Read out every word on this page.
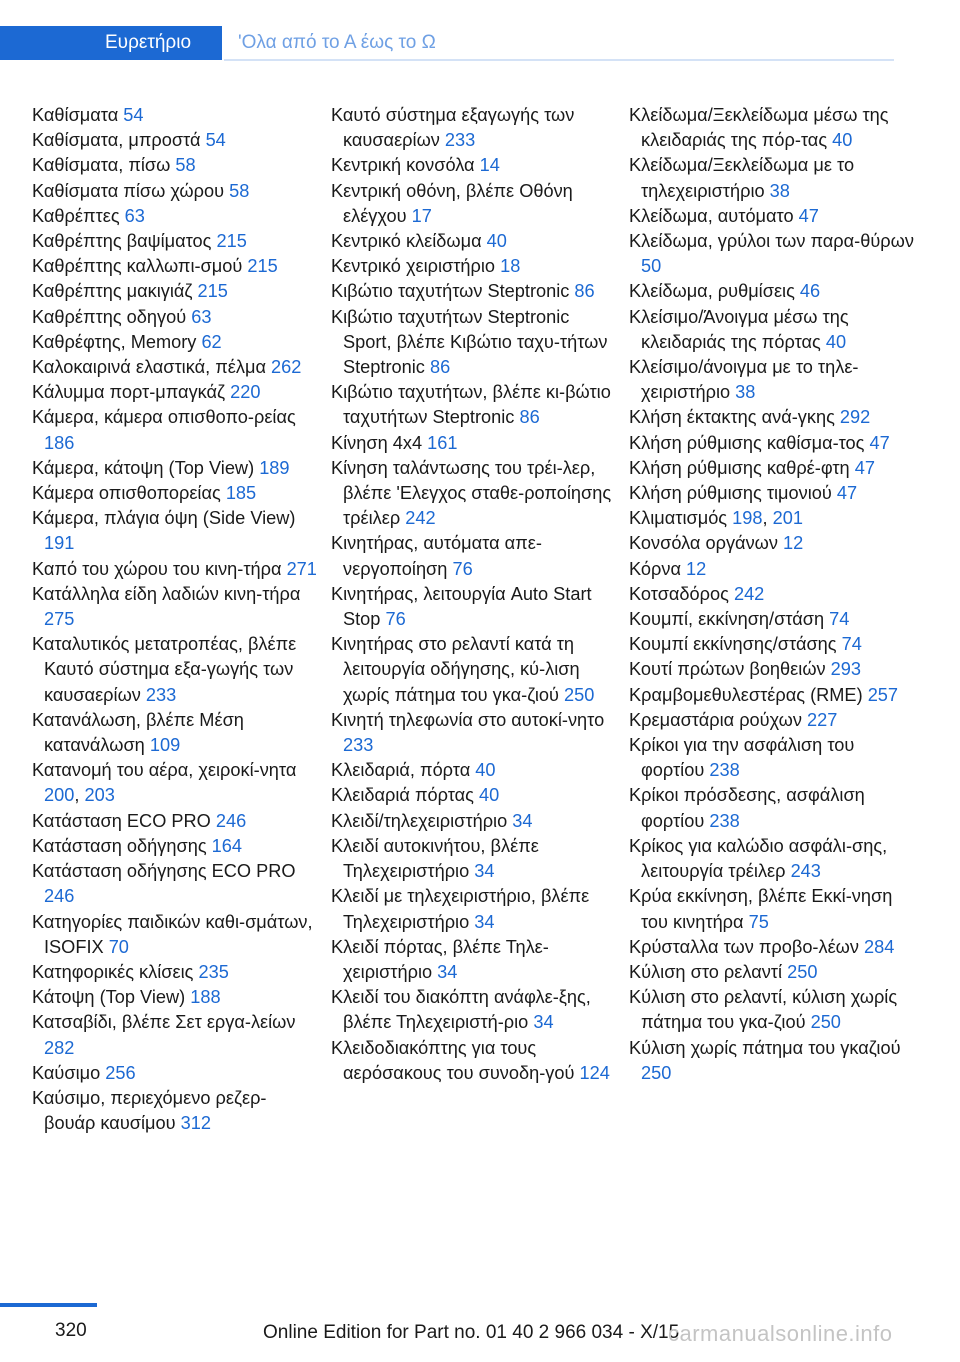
Ευρετήριο	'Ολα από το Α έως το Ω
Καθίσματα 54
Καθίσματα, μπροστά 54
Καθίσματα, πίσω 58
Καθίσματα πίσω χώρου 58
Καθρέπτες 63
Καθρέπτης βαψίματος 215
Καθρέπτης καλλωπι‐σμού 215
Καθρέπτης μακιγιάζ 215
Καθρέπτης οδηγού 63
Καθρέφτης, Memory 62
Καλοκαιρινά ελαστικά, πέλμα 262
Κάλυμμα πορτ-μπαγκάζ 220
Κάμερα, κάμερα οπισθοπο‐ρείας 186
Κάμερα, κάτοψη (Top View) 189
Κάμερα οπισθοπορείας 185
Κάμερα, πλάγια όψη (Side View) 191
Καπό του χώρου του κινη‐τήρα 271
Κατάλληλα είδη λαδιών κινη‐τήρα 275
Καταλυτικός μετατροπέας, βλέπε Καυτό σύστημα εξα‐γωγής των καυσαερίων 233
Κατανάλωση, βλέπε Μέση κατανάλωση 109
Κατανομή του αέρα, χειροκί‐νητα 200, 203
Κατάσταση ECO PRO 246
Κατάσταση οδήγησης 164
Κατάσταση οδήγησης ECO PRO 246
Κατηγορίες παιδικών καθι‐σμάτων, ISOFIX 70
Κατηφορικές κλίσεις 235
Κάτοψη (Top View) 188
Κατσαβίδι, βλέπε Σετ εργα‐λείων 282
Καύσιμο 256
Καύσιμο, περιεχόμενο ρεζερ‐βουάρ καυσίμου 312
Καυτό σύστημα εξαγωγής των καυσαερίων 233
Κεντρική κονσόλα 14
Κεντρική οθόνη, βλέπε Οθόνη ελέγχου 17
Κεντρικό κλείδωμα 40
Κεντρικό χειριστήριο 18
Κιβώτιο ταχυτήτων Steptronic 86
Κιβώτιο ταχυτήτων Steptronic Sport, βλέπε Κιβώτιο ταχυ‐τήτων Steptronic 86
Κιβώτιο ταχυτήτων, βλέπε κι‐βώτιο ταχυτήτων Steptronic 86
Κίνηση 4x4 161
Κίνηση ταλάντωσης του τρέι‐λερ, βλέπε 'Ελεγχος σταθε‐ροποίησης τρέιλερ 242
Κινητήρας, αυτόματα απε‐νεργοποίηση 76
Κινητήρας, λειτουργία Auto Start Stop 76
Κινητήρας στο ρελαντί κατά τη λειτουργία οδήγησης, κύ‐λιση χωρίς πάτημα του γκα‐ζιού 250
Κινητή τηλεφωνία στο αυτοκί‐νητο 233
Κλειδαριά, πόρτα 40
Κλειδαριά πόρτας 40
Κλειδί/τηλεχειριστήριο 34
Κλειδί αυτοκινήτου, βλέπε Τηλεχειριστήριο 34
Κλειδί με τηλεχειριστήριο, βλέπε Τηλεχειριστήριο 34
Κλειδί πόρτας, βλέπε Τηλε‐χειριστήριο 34
Κλειδί του διακόπτη ανάφλε‐ξης, βλέπε Τηλεχειριστή‐ριο 34
Κλειδοδιακόπτης για τους αερόσακους του συνοδη‐γού 124
Κλείδωμα/Ξεκλείδωμα μέσω της κλειδαριάς της πόρ‐τας 40
Κλείδωμα/Ξεκλείδωμα με το τηλεχειριστήριο 38
Κλείδωμα, αυτόματο 47
Κλείδωμα, γρύλοι των παρα‐θύρων 50
Κλείδωμα, ρυθμίσεις 46
Κλείσιμο/Άνοιγμα μέσω της κλειδαριάς της πόρτας 40
Κλείσιμο/άνοιγμα με το τηλε‐χειριστήριο 38
Κλήση έκτακτης ανά‐γκης 292
Κλήση ρύθμισης καθίσμα‐τος 47
Κλήση ρύθμισης καθρέ‐φτη 47
Κλήση ρύθμισης τιμονιού 47
Κλιματισμός 198, 201
Κονσόλα οργάνων 12
Κόρνα 12
Κοτσαδόρος 242
Κουμπί, εκκίνηση/στάση 74
Κουμπί εκκίνησης/στάσης 74
Κουτί πρώτων βοηθειών 293
Κραμβομεθυλεστέρας (RME) 257
Κρεμαστάρια ρούχων 227
Κρίκοι για την ασφάλιση του φορτίου 238
Κρίκοι πρόσδεσης, ασφάλιση φορτίου 238
Κρίκος για καλώδιο ασφάλι‐σης, λειτουργία τρέιλερ 243
Κρύα εκκίνηση, βλέπε Εκκί‐νηση του κινητήρα 75
Κρύσταλλα των προβο‐λέων 284
Κύλιση στο ρελαντί 250
Κύλιση στο ρελαντί, κύλιση χωρίς πάτημα του γκα‐ζιού 250
Κύλιση χωρίς πάτημα του γκαζιού 250
320	Online Edition for Part no. 01 40 2 966 034 - X/15
carmanualsonline.info
